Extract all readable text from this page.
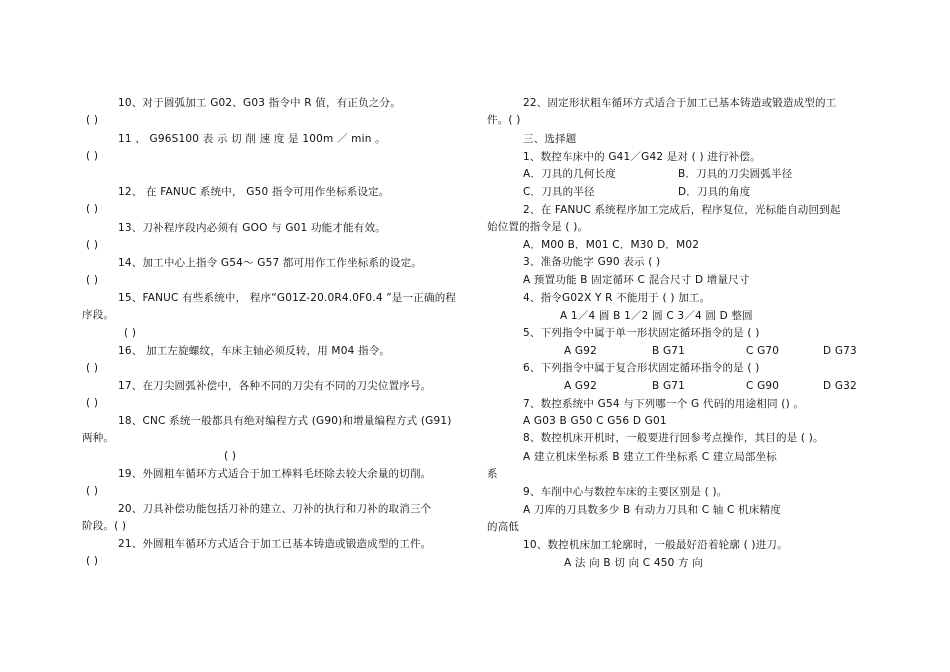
10、对于圆弧加工 G02、G03 指令中 R 值，有正负之分。
( )
11 、 G96S100 表 示 切 削 速 度 是 100m ／ min 。
( )
12、 在 FANUC 系统中， G50 指令可用作坐标系设定。
( )
13、刀补程序段内必须有 GOO 与 G01 功能才能有效。
( )
14、加工中心上指令 G54～ G57 都可用作工作坐标系的设定。
( )
15、FANUC 有些系统中， 程序“G01Z-20.0R4.0F0.4 ”是一正确的程
序段。
( )
16、 加工左旋螺纹，车床主轴必须反转，用 M04 指令。
( )
17、在刀尖圆弧补偿中，各种不同的刀尖有不同的刀尖位置序号。
( )
18、CNC 系统一般都具有绝对编程方式 (G90)和增量编程方式 (G91)
两种。
( )
19、外圆粗车循环方式适合于加工棒料毛坯除去较大余量的切削。
( )
20、刀具补偿功能包括刀补的建立、刀补的执行和刀补的取消三个
阶段。( )
21、外圆粗车循环方式适合于加工已基本铸造或锻造成型的工件。
( )
22、固定形状粗车循环方式适合于加工已基本铸造或锻造成型的工
件。( )
三、选择题
1、数控车床中的 G41／G42 是对 ( ) 进行补偿。
A．刀具的几何长度	B．刀具的刀尖圆弧半径
C．刀具的半径	D．刀具的角度
2、在 FANUC 系统程序加工完成后，程序复位，光标能自动回到起
始位置的指令是 ( )。
A．M00 B．M01 C．M30 D．M02
3、准备功能字 G90 表示 ( )
A 预置功能 B 固定循环 C 混合尺寸 D 增量尺寸
4、指令G02X Y R 不能用于 ( ) 加工。
A 1／4 圆 B 1／2 圆 C 3／4 圆 D 整圆
5、下列指令中属于单一形状固定循环指令的是 ( )
A G92	B G71	C G70	D G73
6、下列指令中属于复合形状固定循环指令的是 ( )
A G92	B G71	C G90	D G32
7、数控系统中 G54 与下列哪一个 G 代码的用途相同 () 。
A G03 B G50 C G56 D G01
8、数控机床开机时，一般要进行回参考点操作，其目的是 ( )。
A 建立机床坐标系 B 建立工件坐标系 C 建立局部坐标
系
9、车削中心与数控车床的主要区别是 ( )。
A 刀库的刀具数多少 B 有动力刀具和 C 轴 C 机床精度
的高低
10、数控机床加工轮廓时，一般最好沿着轮廓 ( )进刀。
A 法 向 B 切 向 C 450 方 向
